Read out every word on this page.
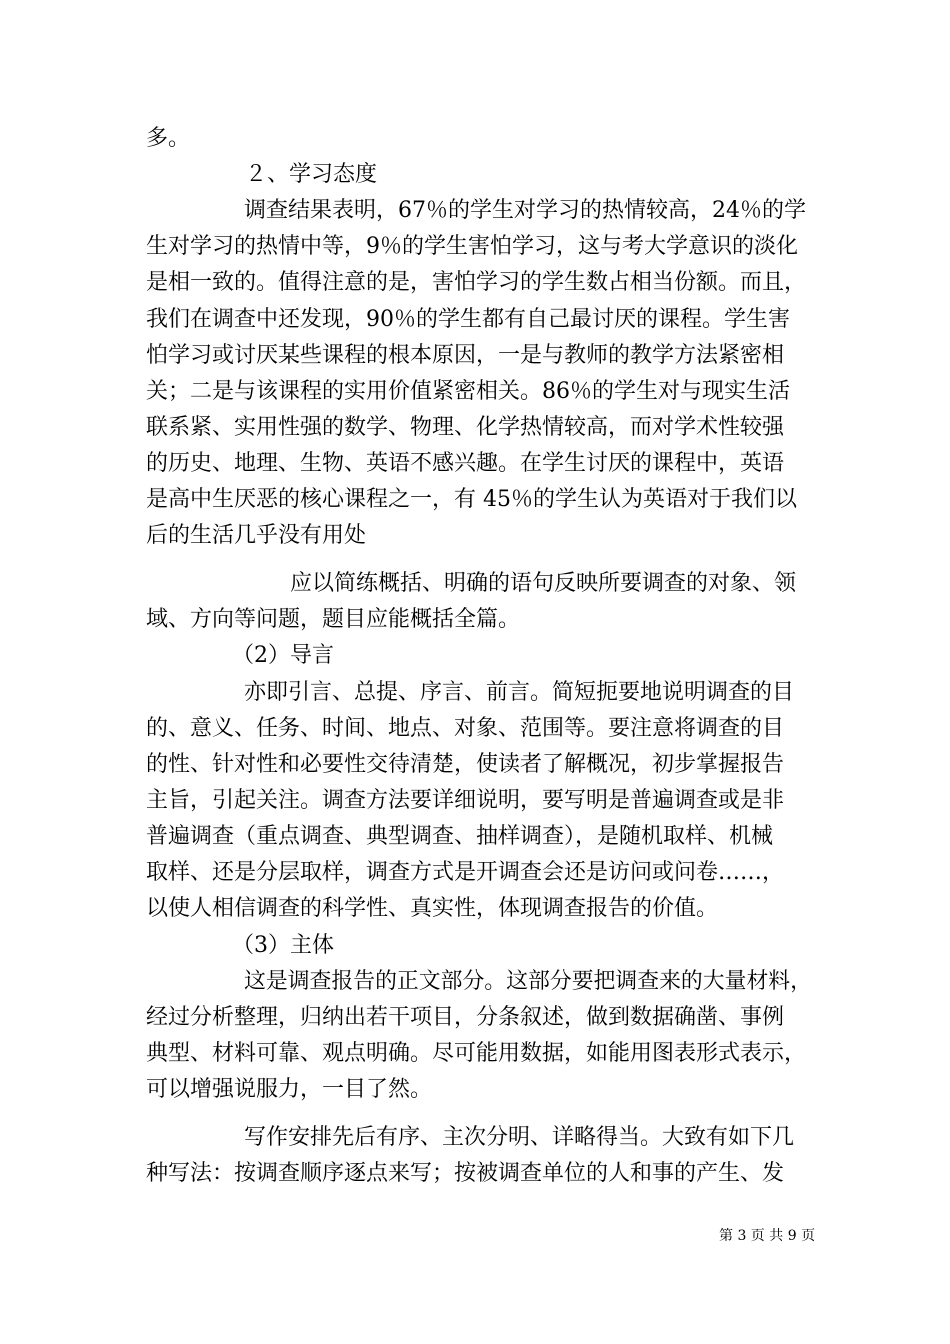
多。
２、学习态度
调查结果表明，67％的学生对学习的热情较高，24％的学
生对学习的热情中等，9％的学生害怕学习，这与考大学意识的淡化
是相一致的。值得注意的是，害怕学习的学生数占相当份额。而且，
我们在调查中还发现，90％的学生都有自己最讨厌的课程。学生害
怕学习或讨厌某些课程的根本原因，一是与教师的教学方法紧密相
关；二是与该课程的实用价值紧密相关。86％的学生对与现实生活
联系紧、实用性强的数学、物理、化学热情较高，而对学术性较强
的历史、地理、生物、英语不感兴趣。在学生讨厌的课程中，英语
是高中生厌恶的核心课程之一，有 45％的学生认为英语对于我们以
后的生活几乎没有用处
应以简练概括、明确的语句反映所要调查的对象、领
域、方向等问题，题目应能概括全篇。
（2）导言
亦即引言、总提、序言、前言。简短扼要地说明调查的目
的、意义、任务、时间、地点、对象、范围等。要注意将调查的目
的性、针对性和必要性交待清楚，使读者了解概况，初步掌握报告
主旨，引起关注。调查方法要详细说明，要写明是普遍调查或是非
普遍调查（重点调查、典型调查、抽样调查），是随机取样、机械
取样、还是分层取样，调查方式是开调查会还是访问或问卷……，
以使人相信调查的科学性、真实性，体现调查报告的价值。
（3）主体
这是调查报告的正文部分。这部分要把调查来的大量材料，
经过分析整理，归纳出若干项目，分条叙述，做到数据确凿、事例
典型、材料可靠、观点明确。尽可能用数据，如能用图表形式表示，
可以增强说服力，一目了然。
写作安排先后有序、主次分明、详略得当。大致有如下几
种写法：按调查顺序逐点来写；按被调查单位的人和事的产生、发
第 3 页 共 9 页
